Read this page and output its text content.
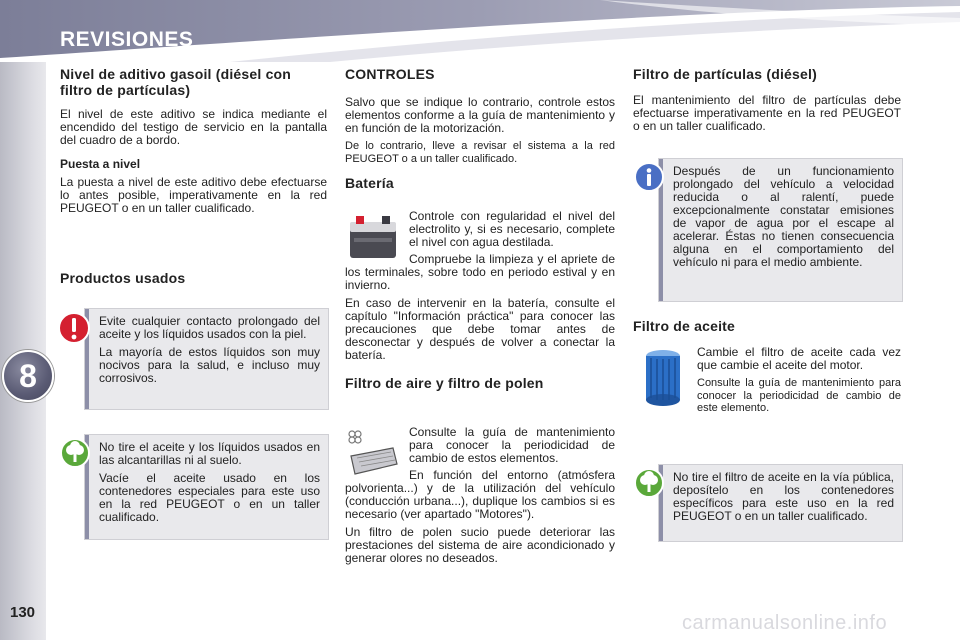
REVISIONES
8
130
Nivel de aditivo gasoil (diésel con filtro de partículas)

El nivel de este aditivo se indica mediante el encendido del testigo de servicio en la pantalla del cuadro de a bordo.

Puesta a nivel

La puesta a nivel de este aditivo debe efectuarse lo antes posible, imperativamente en la red PEUGEOT o en un taller cualificado.

Productos usados

Evite cualquier contacto prolongado del aceite y los líquidos usados con la piel.

La mayoría de estos líquidos son muy nocivos para la salud, e incluso muy corrosivos.

No tire el aceite y los líquidos usados en las alcantarillas ni al suelo.

Vacíe el aceite usado en los contenedores especiales para este uso en la red PEUGEOT o en un taller cualificado.

CONTROLES

Salvo que se indique lo contrario, controle estos elementos conforme a la guía de mantenimiento y en función de la motorización.

De lo contrario, lleve a revisar el sistema a la red PEUGEOT o a un taller cualificado.

Batería

Controle con regularidad el nivel del electrolito y, si es necesario, complete el nivel con agua destilada.

Compruebe la limpieza y el apriete de los terminales, sobre todo en periodo estival y en invierno.

En caso de intervenir en la batería, consulte el capítulo "Información práctica" para conocer las precauciones que debe tomar antes de desconectar y después de volver a conectar la batería.

Filtro de aire y filtro de polen

Consulte la guía de mantenimiento para conocer la periodicidad de cambio de estos elementos.

En función del entorno (atmósfera polvorienta...) y de la utilización del vehículo (conducción urbana...), duplique los cambios si es necesario (ver apartado "Motores").

Un filtro de polen sucio puede deteriorar las prestaciones del sistema de aire acondicionado y generar olores no deseados.

Filtro de partículas (diésel)

El mantenimiento del filtro de partículas debe efectuarse imperativamente en la red PEUGEOT o en un taller cualificado.

Después de un funcionamiento prolongado del vehículo a velocidad reducida o al ralentí, puede excepcionalmente constatar emisiones de vapor de agua por el escape al acelerar. Éstas no tienen consecuencia alguna en el comportamiento del vehículo ni para el medio ambiente.

Filtro de aceite

Cambie el filtro de aceite cada vez que cambie el aceite del motor.

Consulte la guía de mantenimiento para conocer la periodicidad de cambio de este elemento.

No tire el filtro de aceite en la vía pública, deposítelo en los contenedores específicos para este uso en la red PEUGEOT o en un taller cualificado.

carmanualsonline.info
